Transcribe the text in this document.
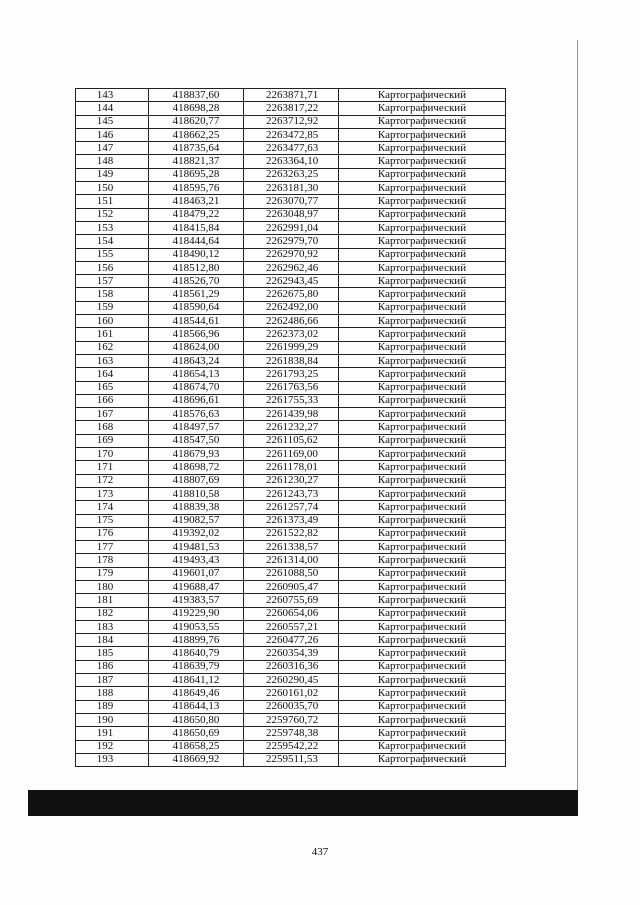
143	418837,60	2263871,71	Картографический
144	418698,28	2263817,22	Картографический
145	418620,77	2263712,92	Картографический
146	418662,25	2263472,85	Картографический
147	418735,64	2263477,63	Картографический
148	418821,37	2263364,10	Картографический
149	418695,28	2263263,25	Картографический
150	418595,76	2263181,30	Картографический
151	418463,21	2263070,77	Картографический
152	418479,22	2263048,97	Картографический
153	418415,84	2262991,04	Картографический
154	418444,64	2262979,70	Картографический
155	418490,12	2262970,92	Картографический
156	418512,80	2262962,46	Картографический
157	418526,70	2262943,45	Картографический
158	418561,29	2262675,80	Картографический
159	418590,64	2262492,00	Картографический
160	418544,61	2262486,66	Картографический
161	418566,96	2262373,02	Картографический
162	418624,00	2261999,29	Картографический
163	418643,24	2261838,84	Картографический
164	418654,13	2261793,25	Картографический
165	418674,70	2261763,56	Картографический
166	418696,61	2261755,33	Картографический
167	418576,63	2261439,98	Картографический
168	418497,57	2261232,27	Картографический
169	418547,50	2261105,62	Картографический
170	418679,93	2261169,00	Картографический
171	418698,72	2261178,01	Картографический
172	418807,69	2261230,27	Картографический
173	418810,58	2261243,73	Картографический
174	418839,38	2261257,74	Картографический
175	419082,57	2261373,49	Картографический
176	419392,02	2261522,82	Картографический
177	419481,53	2261338,57	Картографический
178	419493,43	2261314,00	Картографический
179	419601,07	2261088,50	Картографический
180	419688,47	2260905,47	Картографический
181	419383,57	2260755,69	Картографический
182	419229,90	2260654,06	Картографический
183	419053,55	2260557,21	Картографический
184	418899,76	2260477,26	Картографический
185	418640,79	2260354,39	Картографический
186	418639,79	2260316,36	Картографический
187	418641,12	2260290,45	Картографический
188	418649,46	2260161,02	Картографический
189	418644,13	2260035,70	Картографический
190	418650,80	2259760,72	Картографический
191	418650,69	2259748,38	Картографический
192	418658,25	2259542,22	Картографический
193	418669,92	2259511,53	Картографический
437
